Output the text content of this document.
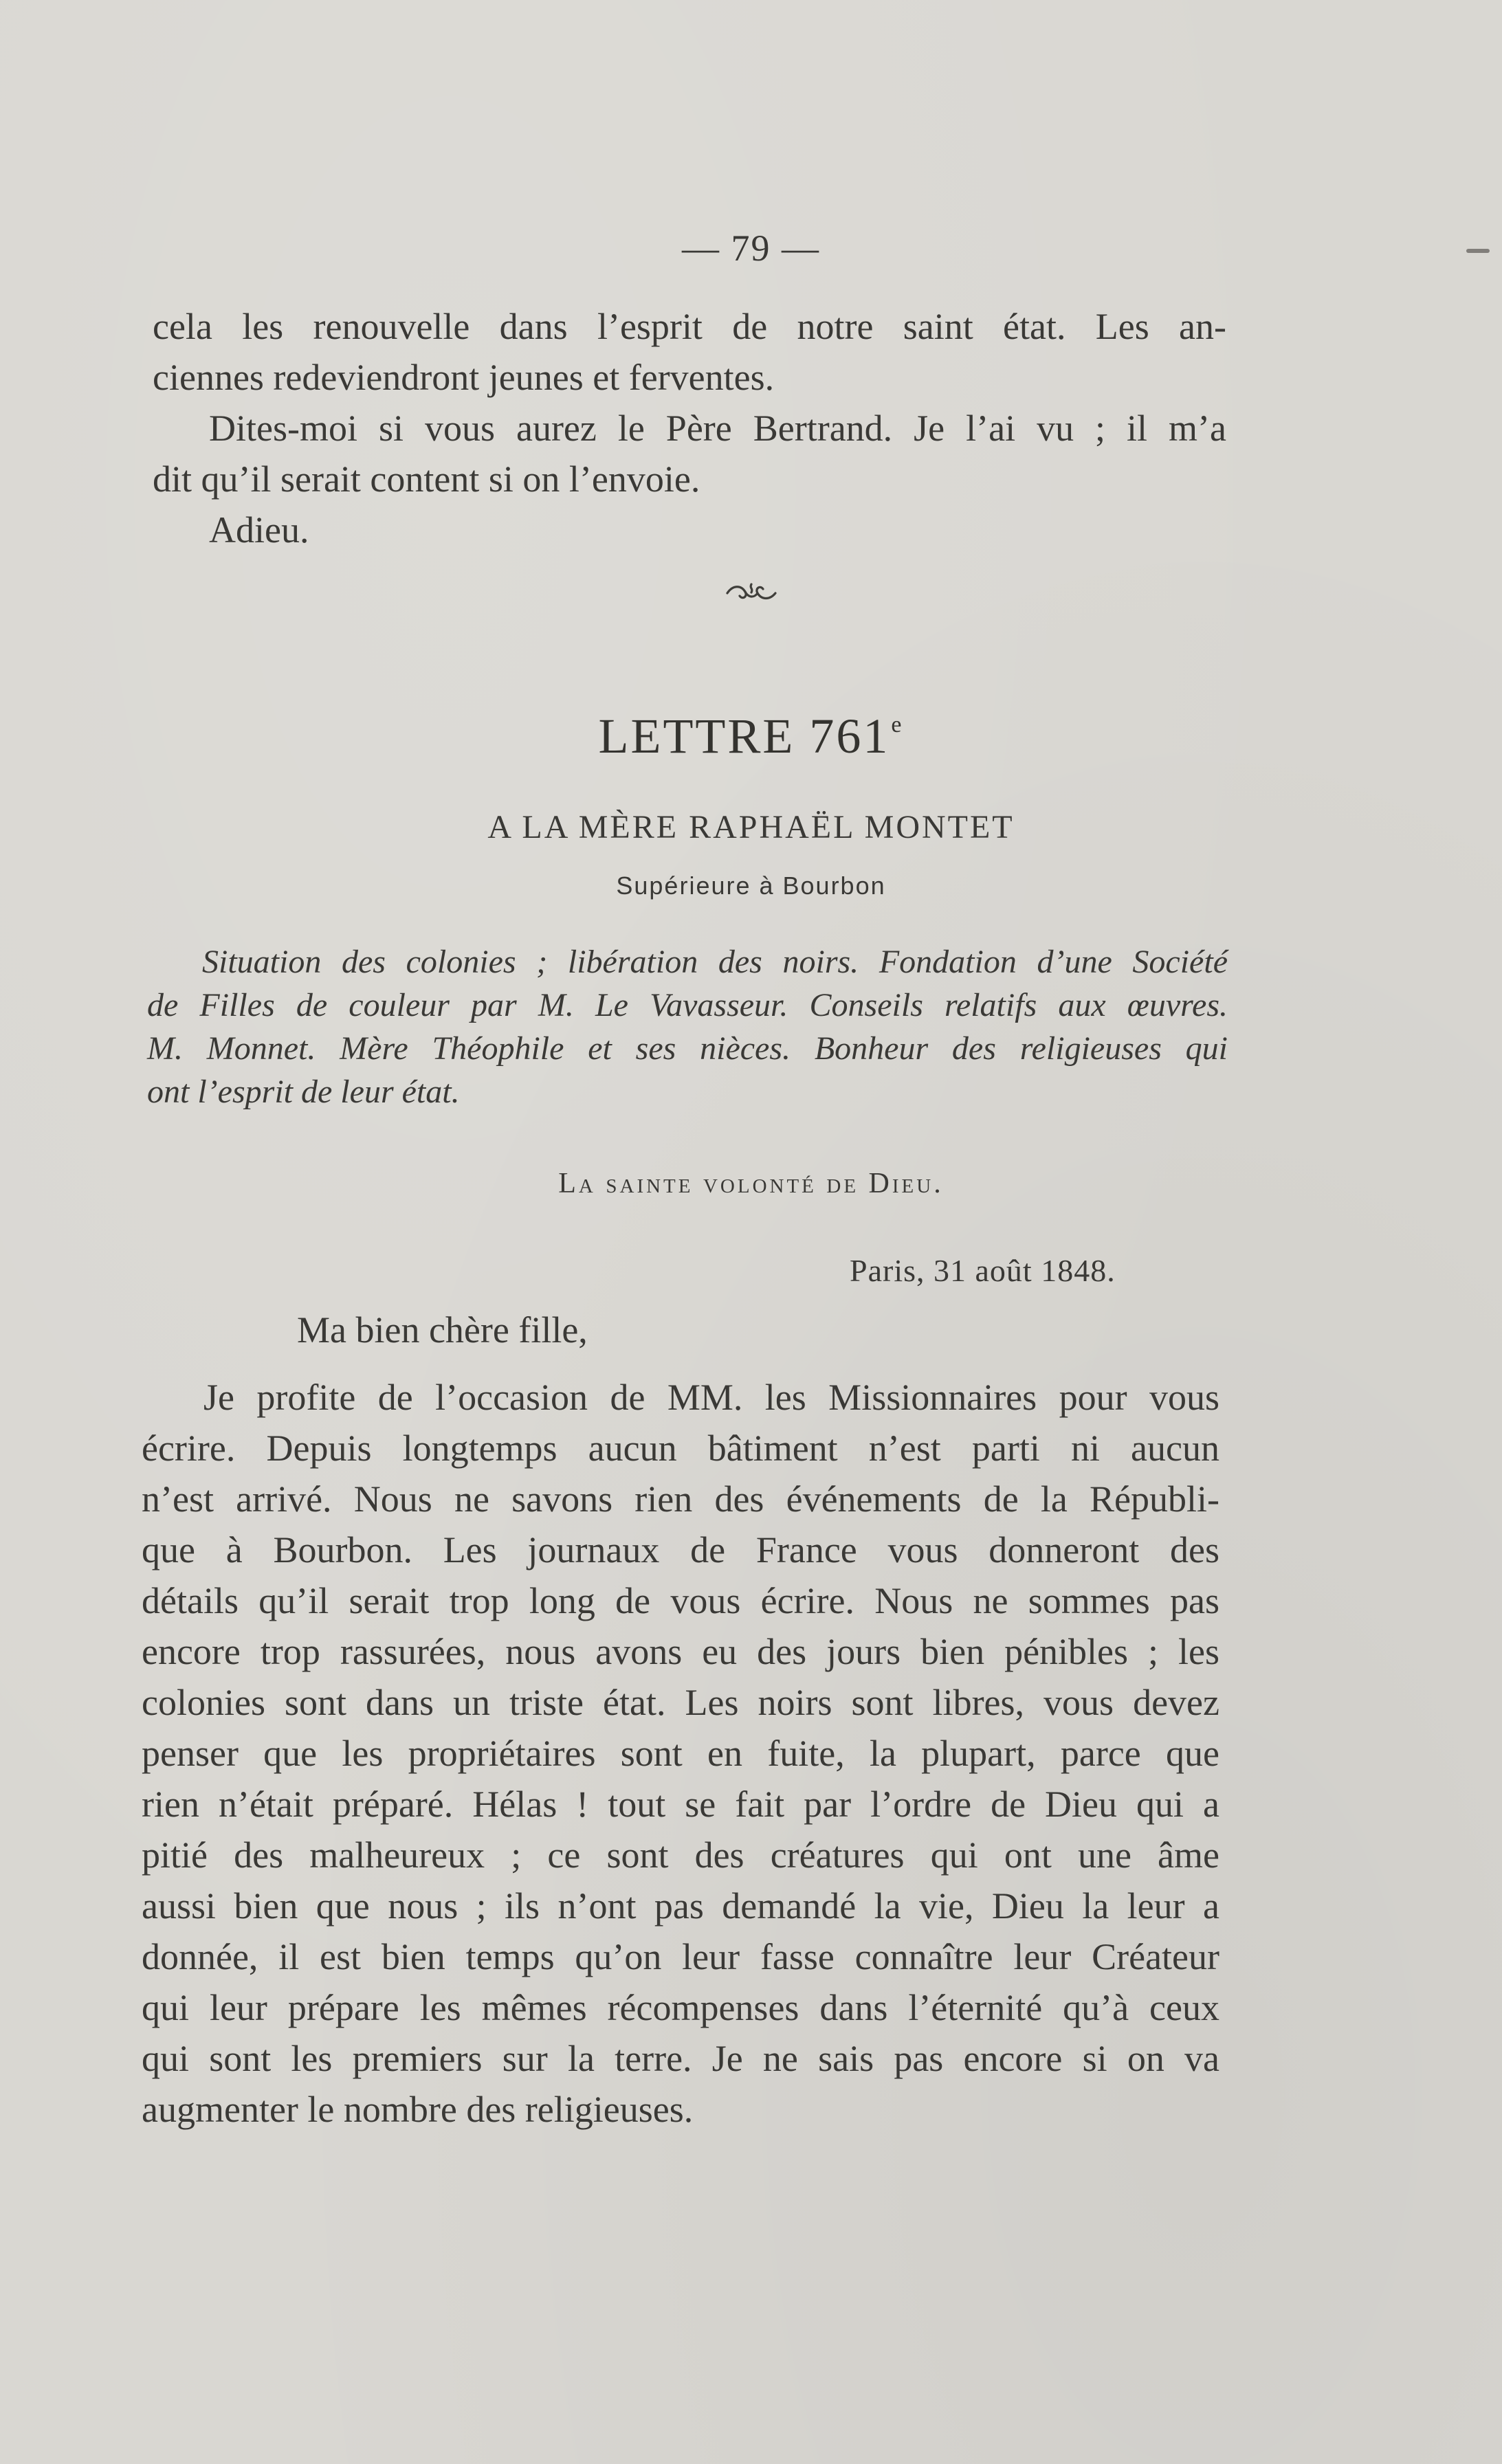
— 79 —
cela les renouvelle dans l’esprit de notre saint état. Les an-
ciennes redeviendront jeunes et ferventes.
Dites-moi si vous aurez le Père Bertrand. Je l’ai vu ; il m’a
dit qu’il serait content si on l’envoie.
Adieu.
LETTRE 761e
A LA MÈRE RAPHAËL MONTET
Supérieure à Bourbon
Situation des colonies ; libération des noirs. Fondation d’une Société
de Filles de couleur par M. Le Vavasseur. Conseils relatifs aux œuvres.
M. Monnet. Mère Théophile et ses nièces. Bonheur des religieuses qui
ont l’esprit de leur état.
La sainte volonté de Dieu.
Paris, 31 août 1848.
Ma bien chère fille,
Je profite de l’occasion de MM. les Missionnaires pour vous
écrire. Depuis longtemps aucun bâtiment n’est parti ni aucun
n’est arrivé. Nous ne savons rien des événements de la Républi-
que à Bourbon. Les journaux de France vous donneront des
détails qu’il serait trop long de vous écrire. Nous ne sommes pas
encore trop rassurées, nous avons eu des jours bien pénibles ; les
colonies sont dans un triste état. Les noirs sont libres, vous devez
penser que les propriétaires sont en fuite, la plupart, parce que
rien n’était préparé. Hélas ! tout se fait par l’ordre de Dieu qui a
pitié des malheureux ; ce sont des créatures qui ont une âme
aussi bien que nous ; ils n’ont pas demandé la vie, Dieu la leur a
donnée, il est bien temps qu’on leur fasse connaître leur Créateur
qui leur prépare les mêmes récompenses dans l’éternité qu’à ceux
qui sont les premiers sur la terre. Je ne sais pas encore si on va
augmenter le nombre des religieuses.
